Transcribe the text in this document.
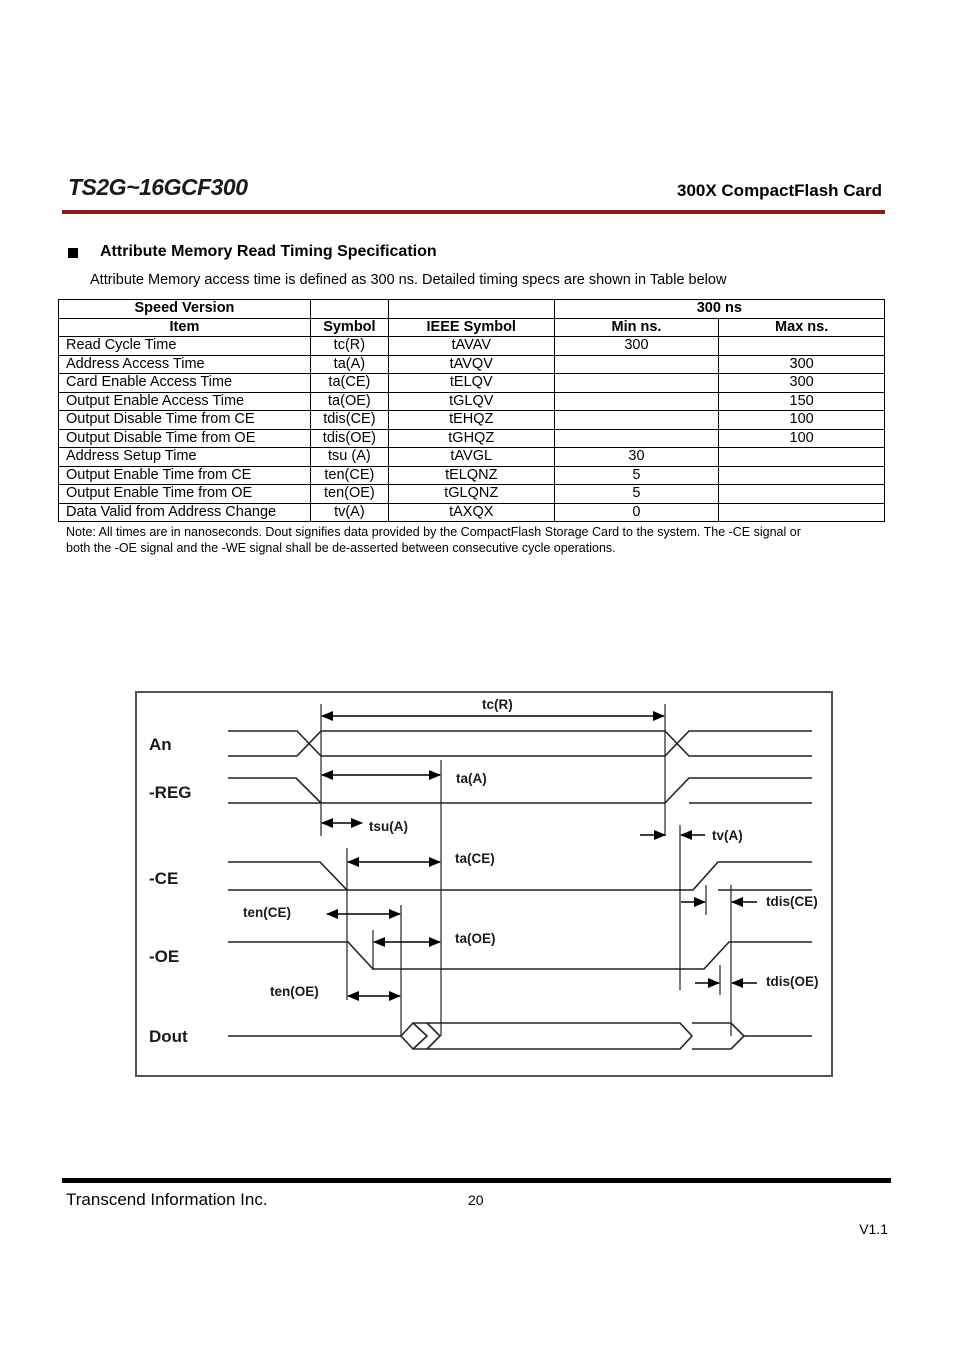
TS2G~16GCF300	300X CompactFlash Card
Attribute Memory Read Timing Specification
Attribute Memory access time is defined as 300 ns. Detailed timing specs are shown in Table below
Speed Version			300 ns	
Item	Symbol	IEEE Symbol	Min ns.	Max ns.
Read Cycle Time	tc(R)	tAVAV	300	
Address Access Time	ta(A)	tAVQV		300
Card Enable Access Time	ta(CE)	tELQV		300
Output Enable Access Time	ta(OE)	tGLQV		150
Output Disable Time from CE	tdis(CE)	tEHQZ		100
Output Disable Time from OE	tdis(OE)	tGHQZ		100
Address Setup Time	tsu (A)	tAVGL	30	
Output Enable Time from CE	ten(CE)	tELQNZ	5	
Output Enable Time from OE	ten(OE)	tGLQNZ	5	
Data Valid from Address Change	tv(A)	tAXQX	0	
Note: All times are in nanoseconds. Dout signifies data provided by the CompactFlash Storage Card to the system. The -CE signal or
both the -OE signal and the -WE signal shall be de-asserted between consecutive cycle operations.
An
-REG
-CE
-OE
Dout
tc(R)
ta(A)
tsu(A)
tv(A)
ta(CE)
ten(CE)
tdis(CE)
ta(OE)
ten(OE)
tdis(OE)
Transcend Information Inc.	20
V1.1
